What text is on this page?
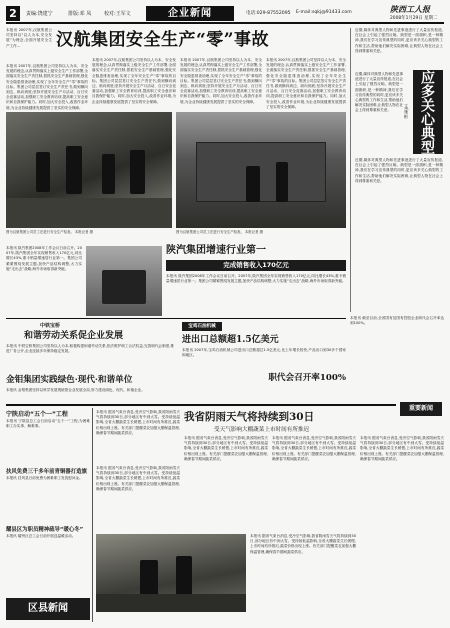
2	责编:饶建宁	排版:邓 凤	校对:王军文	企业新闻	电话:029-87552095 E-mail:sqkj@91433.com	陕西工人报
2008年1月29日 星期二
本报讯 2007年,汉航集团公司坚持以“以人为本,安全发展”为理念,全面开展安全生产工作...	汉航集团安全生产“零”事故
本报讯 2007年,汉航集团公司坚持以人为本、安全发展的理念,认真贯彻落实上级安全生产工作部署,全面落实安全生产责任制,狠抓安全生产基础管理,强化安全隐患排查治理,实现了全年安全生产“零”事故的目标。集团公司层层签订安全生产责任书,做到横向到边、纵向到底;坚持开展安全生产月活动、百日安全竞赛活动,加强职工安全教育培训,提高职工安全意识和自我保护能力。同时,加大安全投入,改善作业环境,为企业持续健康发展提供了坚实的安全保障。
本报讯 2007年,汉航集团公司坚持以人为本、安全发展的理念,认真贯彻落实上级安全生产工作部署,全面落实安全生产责任制,狠抓安全生产基础管理,强化安全隐患排查治理,实现了全年安全生产“零”事故的目标。集团公司层层签订安全生产责任书,做到横向到边、纵向到底;坚持开展安全生产月活动、百日安全竞赛活动,加强职工安全教育培训,提高职工安全意识和自我保护能力。同时,加大安全投入,改善作业环境,为企业持续健康发展提供了坚实的安全保障。
本报讯 2007年,汉航集团公司坚持以人为本、安全发展的理念,认真贯彻落实上级安全生产工作部署,全面落实安全生产责任制,狠抓安全生产基础管理,强化安全隐患排查治理,实现了全年安全生产“零”事故的目标。集团公司层层签订安全生产责任书,做到横向到边、纵向到底;坚持开展安全生产月活动、百日安全竞赛活动,加强职工安全教育培训,提高职工安全意识和自我保护能力。同时,加大安全投入,改善作业环境,为企业持续健康发展提供了坚实的安全保障。
本报讯 2007年,汉航集团公司坚持以人为本、安全发展的理念,认真贯彻落实上级安全生产工作部署,全面落实安全生产责任制,狠抓安全生产基础管理,强化安全隐患排查治理,实现了全年安全生产“零”事故的目标。集团公司层层签订安全生产责任书,做到横向到边、纵向到底;坚持开展安全生产月活动、百日安全竞赛活动,加强职工安全教育培训,提高职工安全意识和自我保护能力。同时,加大安全投入,改善作业环境,为企业持续健康发展提供了坚实的安全保障。
近期,媒体对典型人物和先进事迹进行了大量宣传报道,在社会上引起了强烈反响。典型是一面旗帜,是一种精神,我们在学习宣传典型的同时,更应该多关心典型的工作和生活,帮助他们解决实际困难,让典型人物在社会上得到尊重和关爱。
应多关心典型
文/施 彬
近期,媒体对典型人物和先进事迹进行了大量宣传报道,在社会上引起了强烈反响。典型是一面旗帜,是一种精神,我们在学习宣传典型的同时,更应该多关心典型的工作和生活,帮助他们解决实际困难,让典型人物在社会上得到尊重和关爱。
近期,媒体对典型人物和先进事迹进行了大量宣传报道,在社会上引起了强烈反响。典型是一面旗帜,是一种精神,我们在学习宣传典型的同时,更应该多关心典型的工作和生活,帮助他们解决实际困难,让典型人物在社会上得到尊重和关爱。
图为汉航集团公司员工在进行安全生产检查。 本报记者 摄	图为汉航集团公司员工在进行安全生产检查。 本报记者 摄
本报讯 陕汽集团2008年工作会议日前召开。2007年,陕汽集团全年实现销售收入170亿元,同比增长43%,重卡销量增速居行业第一。集团公司紧紧围绕发展主题,加快产品结构调整,大力实施“走出去”战略,海外市场取得新突破。
陕汽集团增速行业第一
完成销售收入170亿元
本报讯 陕汽集团2008年工作会议日前召开。2007年,陕汽集团全年实现销售收入170亿元,同比增长43%,重卡销量增速居行业第一。集团公司紧紧围绕发展主题,加快产品结构调整,大力实施“走出去”战略,海外市场取得新突破。
中铁宝桥
和谐劳动关系促企业发展
本报讯 中铁宝桥集团公司坚持以人为本,积极构建和谐劳动关系,依法维护职工合法权益,完善职代会制度,推进厂务公开,企业连续多年保持稳定发展。
宝鸡石油机械
进出口总额超1.5亿美元
本报讯 2007年,宝鸡石油机械公司进出口总额超过1.5亿美元,比上年增长较快,产品出口到30多个国家和地区。
金钼集团实践绿色·现代·和谐单位
本报讯 金钼集团坚持以科学发展观统领企业发展全局,努力建设绿色、现代、和谐企业。
职代会召开率100%
本报讯 截至目前,全省国有及国有控股企业职代会召开率达到100%。
重要新闻
宁陕启动“五个一”工程
本报讯 宁陕县总工会日前启动“五个一”工程,为困难职工办实事、解难事。
扶风免费三千多年前青铜器打造旗
本报讯 扶风县日前免费为困难职工发放慰问金。
耀县区为职员精神疏导“暖心冬”
本报讯 耀州区总工会日前开展送温暖活动。
区县新闻
本报讯 据省气象台消息,受冷空气影响,我省阴雨雪天气将持续到30日,部分地区有中到大雪。受持续低温影响,全省大棚蔬菜生长缓慢,上市时间有所推迟,蔬菜价格出现上涨。有关部门提醒菜农加强大棚保温管理,确保春节期间蔬菜供应。
我省阴雨天气将持续到30日
受天气影响大棚蔬菜上市时间有所推迟
本报讯 据省气象台消息,受冷空气影响,我省阴雨雪天气将持续到30日,部分地区有中到大雪。受持续低温影响,全省大棚蔬菜生长缓慢,上市时间有所推迟,蔬菜价格出现上涨。有关部门提醒菜农加强大棚保温管理,确保春节期间蔬菜供应。
本报讯 据省气象台消息,受冷空气影响,我省阴雨雪天气将持续到30日,部分地区有中到大雪。受持续低温影响,全省大棚蔬菜生长缓慢,上市时间有所推迟,蔬菜价格出现上涨。有关部门提醒菜农加强大棚保温管理,确保春节期间蔬菜供应。
本报讯 据省气象台消息,受冷空气影响,我省阴雨雪天气将持续到30日,部分地区有中到大雪。受持续低温影响,全省大棚蔬菜生长缓慢,上市时间有所推迟,蔬菜价格出现上涨。有关部门提醒菜农加强大棚保温管理,确保春节期间蔬菜供应。
本报讯 据省气象台消息,受冷空气影响,我省阴雨雪天气将持续到30日,部分地区有中到大雪。受持续低温影响,全省大棚蔬菜生长缓慢,上市时间有所推迟,蔬菜价格出现上涨。有关部门提醒菜农加强大棚保温管理,确保春节期间蔬菜供应。
本报讯 据省气象台消息,受冷空气影响,我省阴雨雪天气将持续到30日,部分地区有中到大雪。受持续低温影响,全省大棚蔬菜生长缓慢,上市时间有所推迟,蔬菜价格出现上涨。有关部门提醒菜农加强大棚保温管理,确保春节期间蔬菜供应。
